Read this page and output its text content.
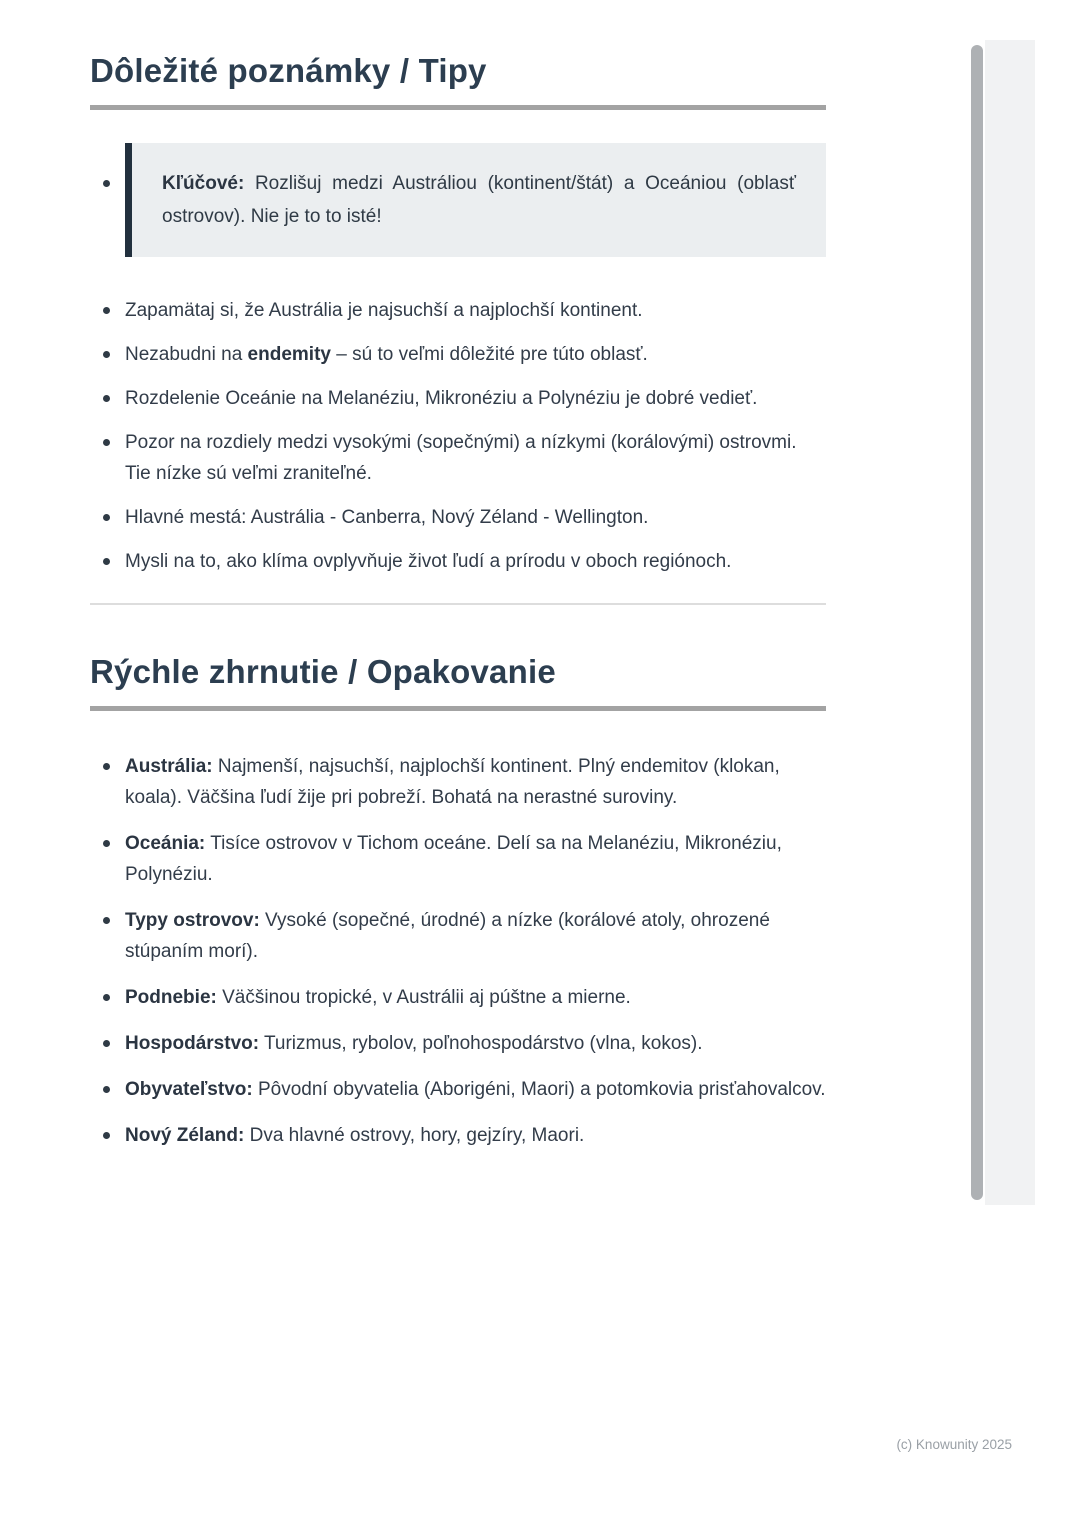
Dôležité poznámky / Tipy
Kľúčové: Rozlišuj medzi Austráliou (kontinent/štát) a Oceániou (oblasť ostrovov). Nie je to to isté!
Zapamätaj si, že Austrália je najsuchší a najplochší kontinent.
Nezabudni na endemity – sú to veľmi dôležité pre túto oblasť.
Rozdelenie Oceánie na Melanéziu, Mikronéziu a Polynéziu je dobré vedieť.
Pozor na rozdiely medzi vysokými (sopečnými) a nízkymi (korálovými) ostrovmi. Tie nízke sú veľmi zraniteľné.
Hlavné mestá: Austrália - Canberra, Nový Zéland - Wellington.
Mysli na to, ako klíma ovplyvňuje život ľudí a prírodu v oboch regiónoch.
Rýchle zhrnutie / Opakovanie
Austrália: Najmenší, najsuchší, najplochší kontinent. Plný endemitov (klokan, koala). Väčšina ľudí žije pri pobreží. Bohatá na nerastné suroviny.
Oceánia: Tisíce ostrovov v Tichom oceáne. Delí sa na Melanéziu, Mikronéziu, Polynéziu.
Typy ostrovov: Vysoké (sopečné, úrodné) a nízke (korálové atoly, ohrozené stúpaním morí).
Podnebie: Väčšinou tropické, v Austrálii aj púštne a mierne.
Hospodárstvo: Turizmus, rybolov, poľnohospodárstvo (vlna, kokos).
Obyvateľstvo: Pôvodní obyvatelia (Aborigéni, Maori) a potomkovia prisťahovalcov.
Nový Zéland: Dva hlavné ostrovy, hory, gejzíry, Maori.
(c) Knowunity 2025
